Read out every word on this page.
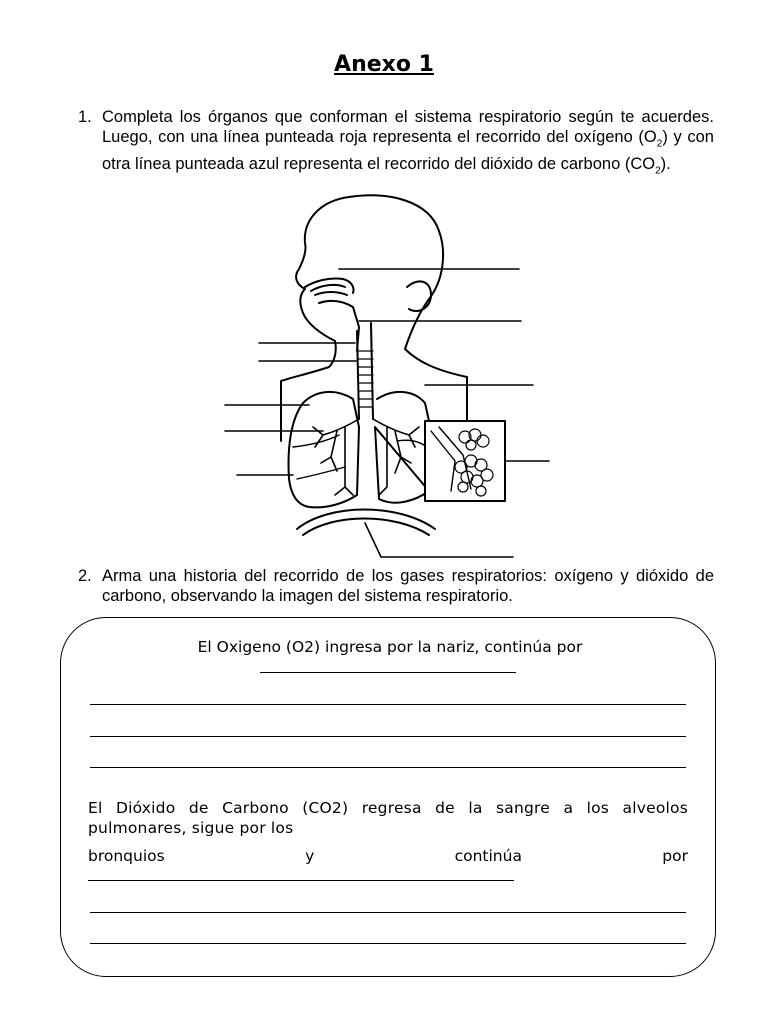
Anexo 1
1. Completa los órganos que conforman el sistema respiratorio según te acuerdes. Luego, con una línea punteada roja representa el recorrido del oxígeno $(O_2)$ y con otra línea punteada azul representa el recorrido del dióxido de carbono $(CO_2)$.
2. Arma una historia del recorrido de los gases respiratorios: oxígeno y dióxido de carbono, observando la imagen del sistema respiratorio.
El Oxigeno (O2) ingresa por la nariz, continúa por
El Dióxido de Carbono (CO2) regresa de la sangre a los alveolos pulmonares, sigue por los
bronquios	y	continúa	por
